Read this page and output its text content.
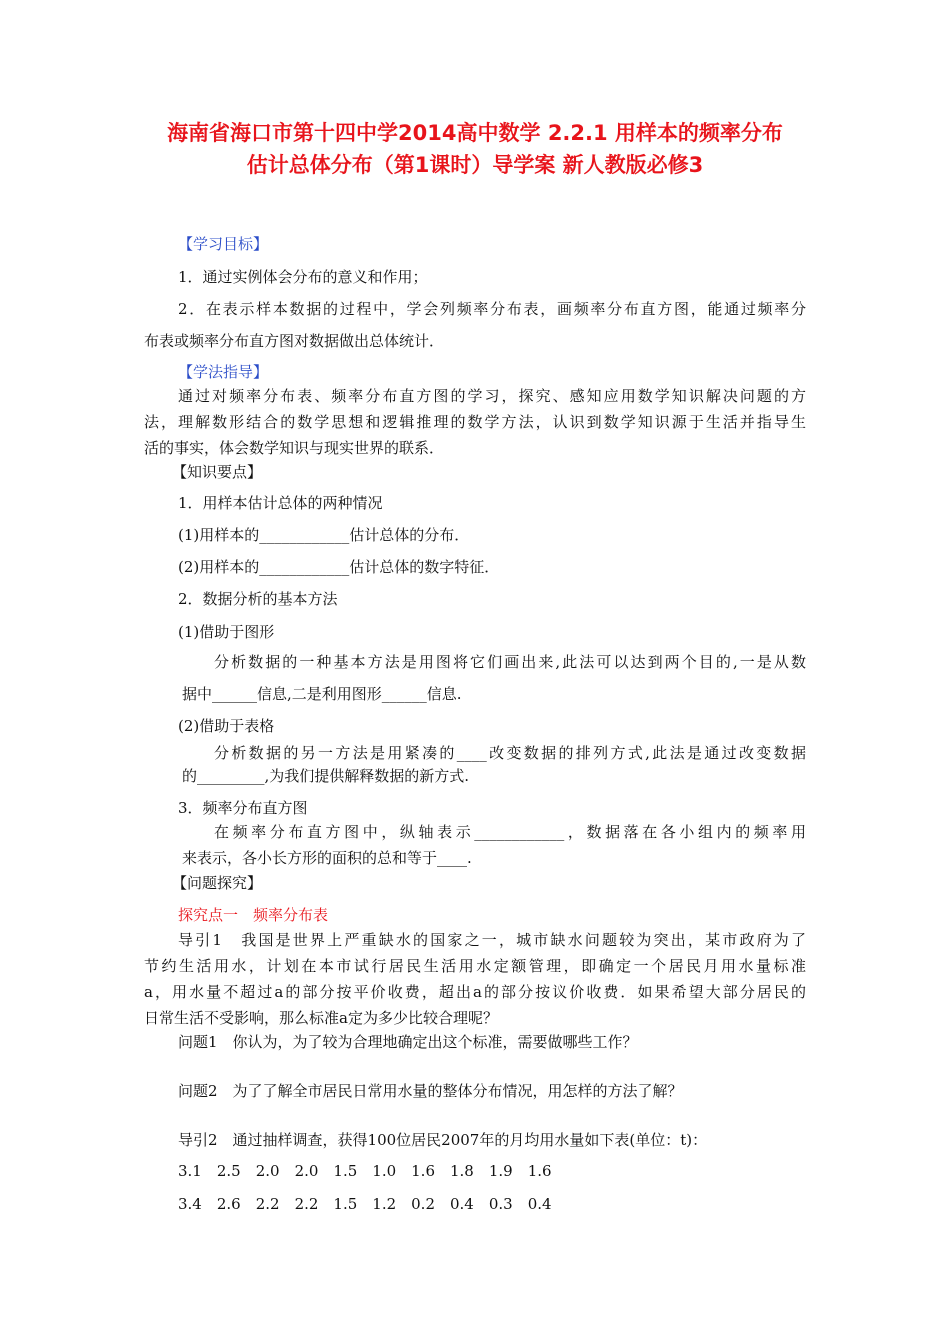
海南省海口市第十四中学2014高中数学 2.2.1 用样本的频率分布
估计总体分布（第1课时）导学案 新人教版必修3
【学习目标】
1．通过实例体会分布的意义和作用；
2．在表示样本数据的过程中，学会列频率分布表，画频率分布直方图，能通过频率分
布表或频率分布直方图对数据做出总体统计．
【学法指导】
通过对频率分布表、频率分布直方图的学习，探究、感知应用数学知识解决问题的方
法，理解数形结合的数学思想和逻辑推理的数学方法，认识到数学知识源于生活并指导生
活的事实，体会数学知识与现实世界的联系．
【知识要点】
1．用样本估计总体的两种情况
(1)用样本的____________估计总体的分布．
(2)用样本的____________估计总体的数字特征．
2．数据分析的基本方法
(1)借助于图形
分析数据的一种基本方法是用图将它们画出来,此法可以达到两个目的,一是从数
据中______信息,二是利用图形______信息.
(2)借助于表格
分析数据的另一方法是用紧凑的____改变数据的排列方式,此法是通过改变数据
的_________,为我们提供解释数据的新方式.
3．频率分布直方图
在频率分布直方图中，纵轴表示____________，数据落在各小组内的频率用
来表示，各小长方形的面积的总和等于____.
【问题探究】
探究点一　频率分布表
导引1　我国是世界上严重缺水的国家之一，城市缺水问题较为突出，某市政府为了
节约生活用水，计划在本市试行居民生活用水定额管理，即确定一个居民月用水量标准
a，用水量不超过a的部分按平价收费，超出a的部分按议价收费．如果希望大部分居民的
日常生活不受影响，那么标准a定为多少比较合理呢？
问题1　你认为，为了较为合理地确定出这个标准，需要做哪些工作？
问题2　为了了解全市居民日常用水量的整体分布情况，用怎样的方法了解？
导引2　通过抽样调查，获得100位居民2007年的月均用水量如下表(单位：t)：
3.1　2.5　2.0　2.0　1.5　1.0　1.6　1.8　1.9　1.6
3.4　2.6　2.2　2.2　1.5　1.2　0.2　0.4　0.3　0.4
